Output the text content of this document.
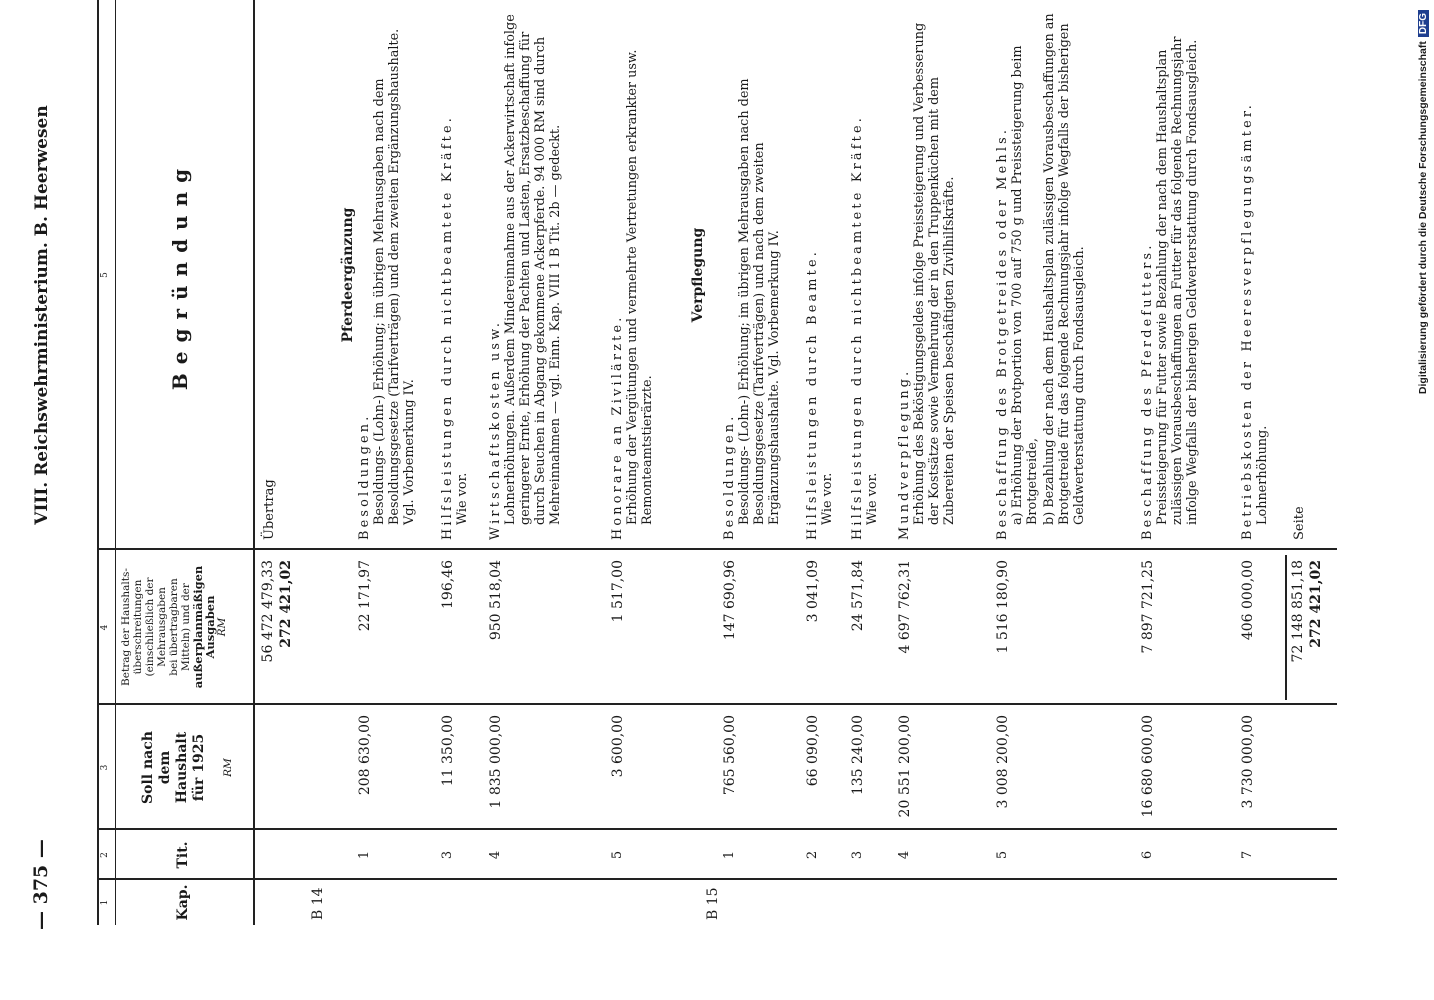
— 375 —
VIII. Reichswehrministerium. B. Heerwesen
1
2
3
4
5
Kap.
Tit.
Soll nach dem Haushalt für 1925 RM
Betrag der Haushalts- überschreitungen (einschließlich der Mehrausgaben bei übertragbaren Mitteln) und der außerplanmäßigen Ausgaben RM
Begründung
Übertrag
56 472 479,33 272 421,02
B 14
Pferdeergänzung
1
208 630,00
22 171,97
Besoldungen. Besoldungs- (Lohn-) Erhöhung; im übrigen Mehrausgaben nach dem Besoldungsgesetze (Tarifverträgen) und dem zweiten Ergänzungshaushalte. Vgl. Vorbemerkung IV.
3
11 350,00
196,46
Hilfsleistungen durch nichtbeamtete Kräfte. Wie vor.
4
1 835 000,00
950 518,04
Wirtschaftskosten usw. Lohnerhöhungen. Außerdem Mindereinnahme aus der Ackerwirtschaft infolge geringerer Ernte, Erhöhung der Pachten und Lasten, Ersatzbeschaffung für durch Seuchen in Abgang gekommene Ackerpferde. 94 000 RM sind durch Mehreinnahmen — vgl. Einn. Kap. VIII 1 B Tit. 2b — gedeckt.
5
3 600,00
1 517,00
Honorare an Zivilärzte. Erhöhung der Vergütungen und vermehrte Vertretungen erkrankter usw. Remonteamtstierärzte.
B 15
Verpflegung
1
765 560,00
147 690,96
Besoldungen. Besoldungs- (Lohn-) Erhöhung; im übrigen Mehrausgaben nach dem Besoldungsgesetze (Tarifverträgen) und nach dem zweiten Ergänzungshaushalte. Vgl. Vorbemerkung IV.
2
66 090,00
3 041,09
Hilfsleistungen durch Beamte. Wie vor.
3
135 240,00
24 571,84
Hilfsleistungen durch nichtbeamtete Kräfte. Wie vor.
4
20 551 200,00
4 697 762,31
Mundverpflegung. Erhöhung des Beköstigungsgeldes infolge Preissteigerung und Verbesserung der Kostsätze sowie Vermehrung der in den Truppenküchen mit dem Zubereiten der Speisen beschäftigten Zivilhilfskräfte.
5
3 008 200,00
1 516 180,90
Beschaffung des Brotgetreides oder Mehls. a) Erhöhung der Brotportion von 700 auf 750 g und Preissteigerung beim Brotgetreide, b) Bezahlung der nach dem Haushaltsplan zulässigen Vorausbeschaffungen an Brotgetreide für das folgende Rechnungsjahr infolge Wegfalls der bisherigen Geldwerterstattung durch Fondsausgleich.
6
16 680 600,00
7 897 721,25
Beschaffung des Pferdefutters. Preissteigerung für Futter sowie Bezahlung der nach dem Haushaltsplan zulässigen Vorausbeschaffungen an Futter für das folgende Rechnungsjahr infolge Wegfalls der bisherigen Geldwerterstattung durch Fondsausgleich.
7
3 730 000,00
406 000,00
Betriebskosten der Heeresverpflegungsämter. Lohnerhöhung. Seite
72 148 851,18 272 421,02
Digitalisierung gefördert durch die Deutsche Forschungsgemeinschaft
DFG
